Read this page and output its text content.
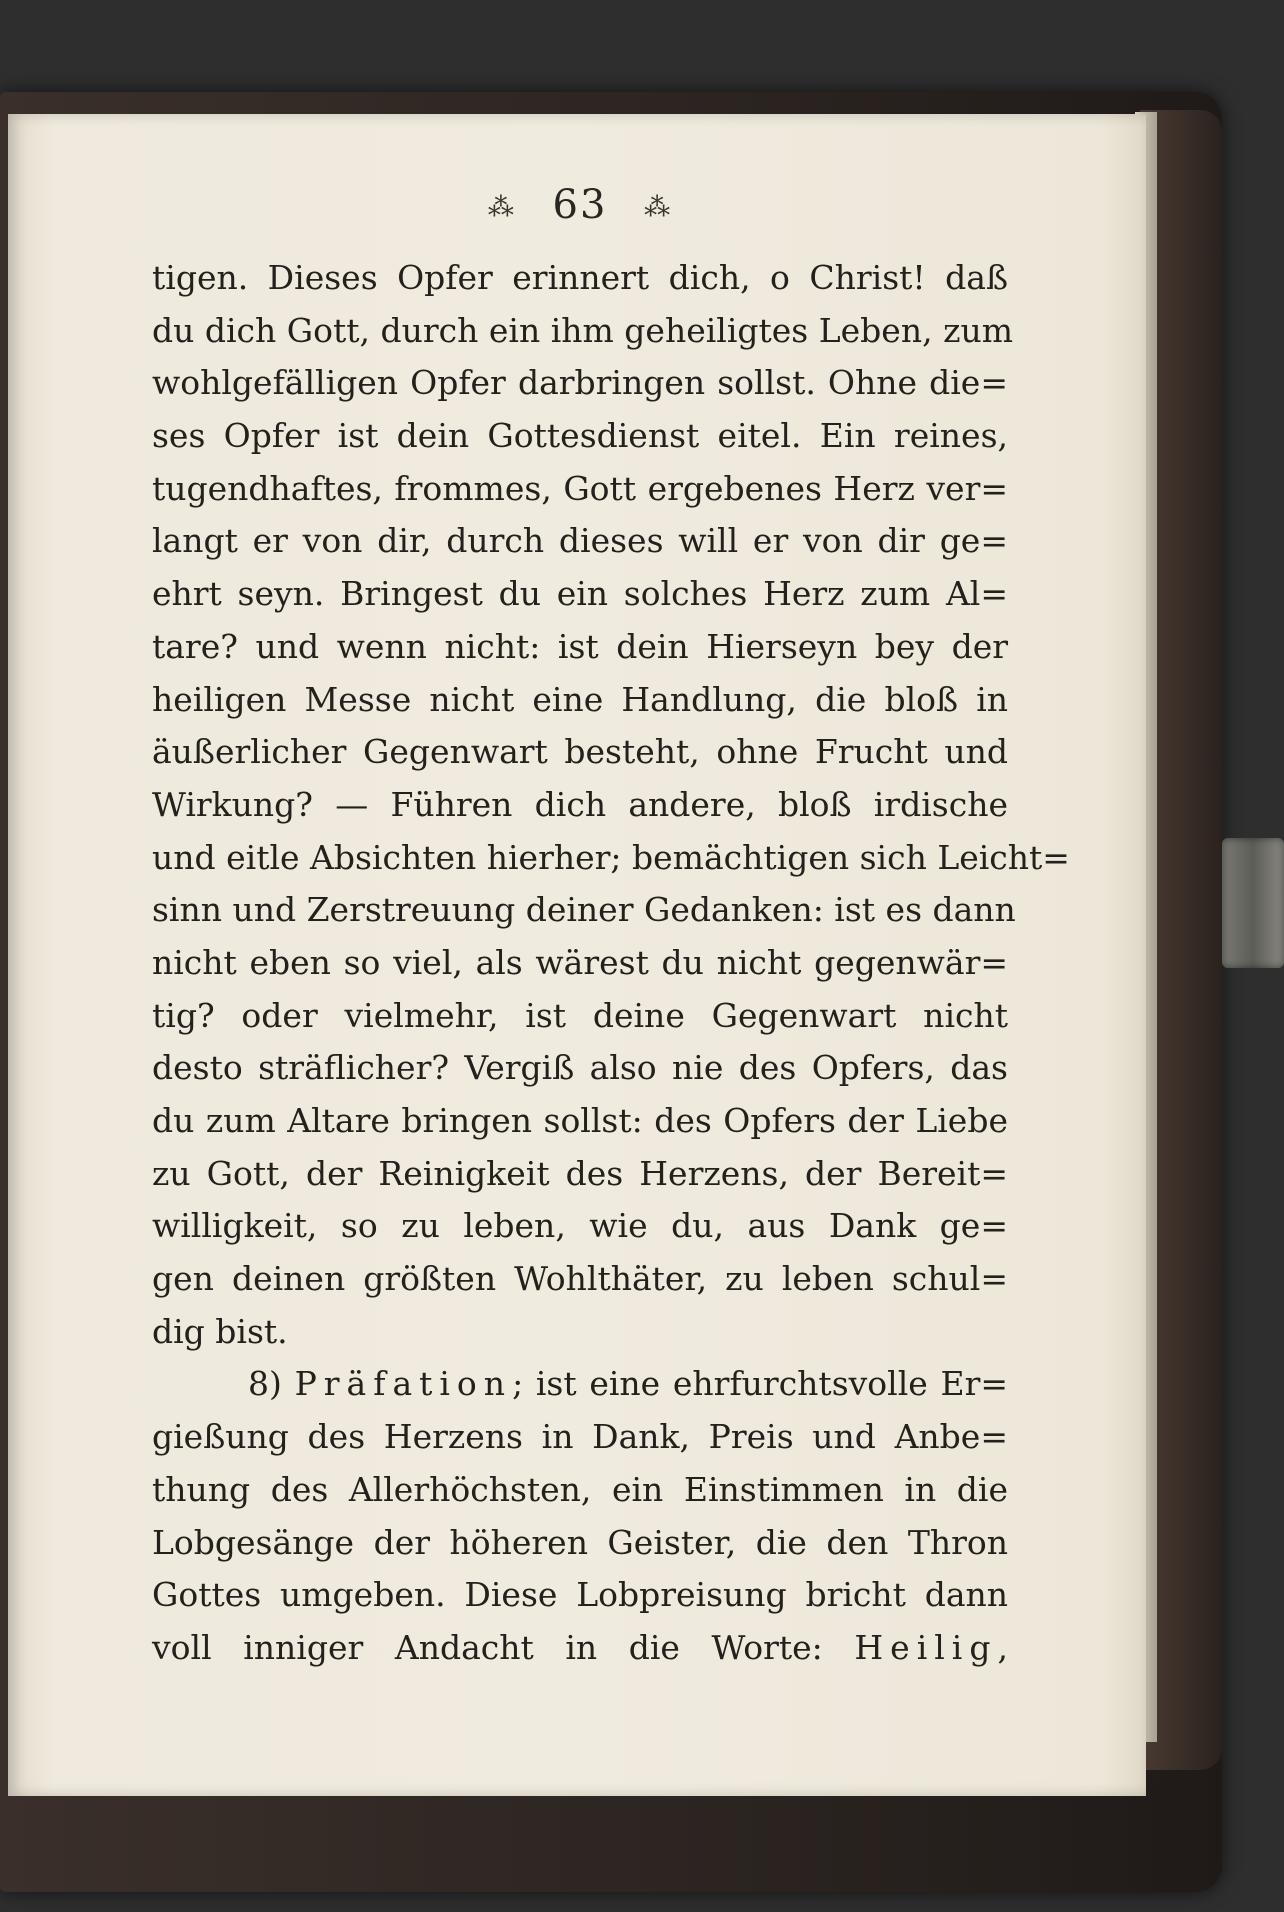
⁂ 63 ⁂
tigen. Dieses Opfer erinnert dich, o Christ! daß
du dich Gott, durch ein ihm geheiligtes Leben, zum
wohlgefälligen Opfer darbringen sollst. Ohne die=
ses Opfer ist dein Gottesdienst eitel. Ein reines,
tugendhaftes, frommes, Gott ergebenes Herz ver=
langt er von dir, durch dieses will er von dir ge=
ehrt seyn. Bringest du ein solches Herz zum Al=
tare? und wenn nicht: ist dein Hierseyn bey der
heiligen Messe nicht eine Handlung, die bloß in
äußerlicher Gegenwart besteht, ohne Frucht und
Wirkung? — Führen dich andere, bloß irdische
und eitle Absichten hierher; bemächtigen sich Leicht=
sinn und Zerstreuung deiner Gedanken: ist es dann
nicht eben so viel, als wärest du nicht gegenwär=
tig? oder vielmehr, ist deine Gegenwart nicht
desto sträflicher? Vergiß also nie des Opfers, das
du zum Altare bringen sollst: des Opfers der Liebe
zu Gott, der Reinigkeit des Herzens, der Bereit=
willigkeit, so zu leben, wie du, aus Dank ge=
gen deinen größten Wohlthäter, zu leben schul=
dig bist.
8) Präfation; ist eine ehrfurchtsvolle Er=
gießung des Herzens in Dank, Preis und Anbe=
thung des Allerhöchsten, ein Einstimmen in die
Lobgesänge der höheren Geister, die den Thron
Gottes umgeben. Diese Lobpreisung bricht dann
voll inniger Andacht in die Worte: Heilig,
